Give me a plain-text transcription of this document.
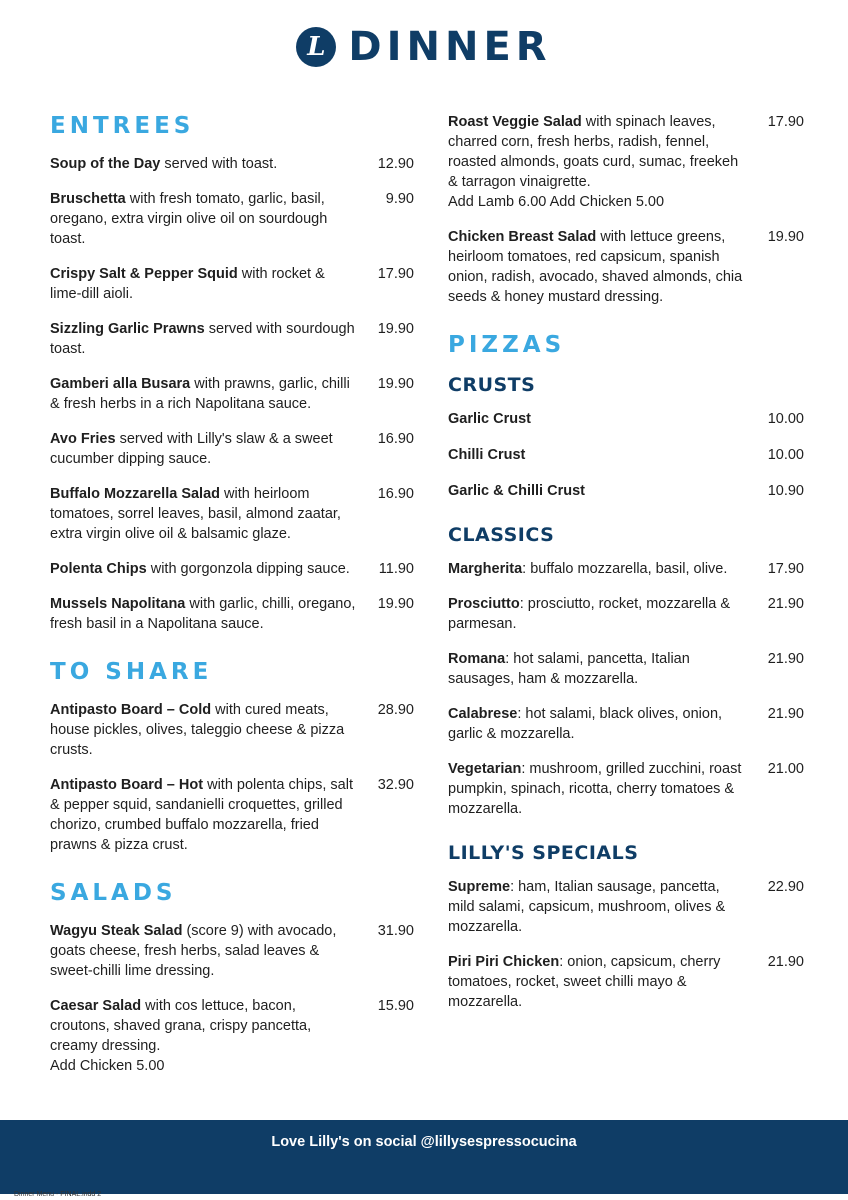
L DINNER
ENTREES
Soup of the Day served with toast.	12.90
Bruschetta with fresh tomato, garlic, basil, oregano, extra virgin olive oil on sourdough toast.
9.90
Crispy Salt & Pepper Squid with rocket & lime-dill aioli.
17.90
Sizzling Garlic Prawns served with sourdough toast.
19.90
Gamberi alla Busara with prawns, garlic, chilli & fresh herbs in a rich Napolitana sauce.
19.90
Avo Fries served with Lilly's slaw & a sweet cucumber dipping sauce.
16.90
Buffalo Mozzarella Salad with heirloom tomatoes, sorrel leaves, basil, almond zaatar, extra virgin olive oil & balsamic glaze.
16.90
Polenta Chips with gorgonzola dipping sauce.	11.90
Mussels Napolitana with garlic, chilli, oregano, fresh basil in a Napolitana sauce.
19.90
TO SHARE
Antipasto Board – Cold with cured meats, house pickles, olives, taleggio cheese & pizza crusts.
28.90
Antipasto Board – Hot with polenta chips, salt & pepper squid, sandanielli croquettes, grilled chorizo, crumbed buffalo mozzarella, fried prawns & pizza crust.
32.90
SALADS
Wagyu Steak Salad (score 9) with avocado, goats cheese, fresh herbs, salad leaves & sweet-chilli lime dressing.
31.90
Caesar Salad with cos lettuce, bacon, croutons, shaved grana, crispy pancetta, creamy dressing.
Add Chicken 5.00
15.90
Roast Veggie Salad with spinach leaves, charred corn, fresh herbs, radish, fennel, roasted almonds, goats curd, sumac, freekeh & tarragon vinaigrette.
Add Lamb 6.00 Add Chicken 5.00
17.90
Chicken Breast Salad with lettuce greens, heirloom tomatoes, red capsicum, spanish onion, radish, avocado, shaved almonds, chia seeds & honey mustard dressing.
19.90
PIZZAS
CRUSTS
Garlic Crust	10.00
Chilli Crust	10.00
Garlic & Chilli Crust	10.90
CLASSICS
Margherita: buffalo mozzarella, basil, olive.	17.90
Prosciutto: prosciutto, rocket, mozzarella & parmesan.
21.90
Romana: hot salami, pancetta, Italian sausages, ham & mozzarella.
21.90
Calabrese: hot salami, black olives, onion, garlic & mozzarella.
21.90
Vegetarian: mushroom, grilled zucchini, roast pumpkin, spinach, ricotta, cherry tomatoes & mozzarella.
21.00
LILLY'S SPECIALS
Supreme: ham, Italian sausage, pancetta, mild salami, capsicum, mushroom, olives & mozzarella.
22.90
Piri Piri Chicken: onion, capsicum, cherry tomatoes, rocket, sweet chilli mayo & mozzarella.
21.90
Love Lilly's on social @lillysespressocucina
Dinner Menu - FINAL.indd 2
